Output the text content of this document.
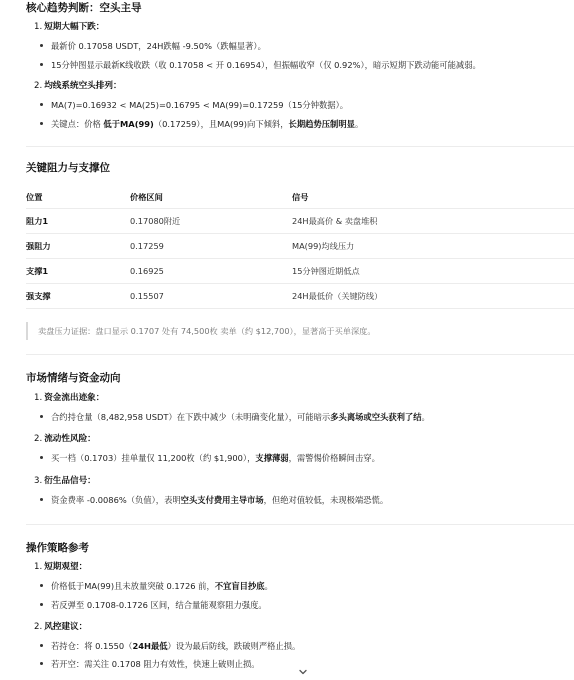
核心趋势判断：空头主导
1. 短期大幅下跌：
最新价 0.17058 USDT，24H跌幅 -9.50%（跌幅显著）。
15分钟图显示最新K线收跌（收 0.17058 < 开 0.16954），但振幅收窄（仅 0.92%），暗示短期下跌动能可能减弱。
2. 均线系统空头排列：
MA(7)=0.16932 < MA(25)=0.16795 < MA(99)=0.17259（15分钟数据）。
关键点：价格 低于MA(99)（0.17259），且MA(99)向下倾斜，长期趋势压制明显。
关键阻力与支撑位
位置	价格区间	信号
阻力1	0.17080附近	24H最高价 & 卖盘堆积
强阻力	0.17259	MA(99)均线压力
支撑1	0.16925	15分钟图近期低点
强支撑	0.15507	24H最低价（关键防线）
卖盘压力证据：盘口显示 0.1707 处有 74,500枚 卖单（约 $12,700），显著高于买单深度。
市场情绪与资金动向
1. 资金流出迹象：
合约持仓量（8,482,958 USDT）在下跌中减少（未明确变化量），可能暗示多头离场或空头获利了结。
2. 流动性风险：
买一档（0.1703）挂单量仅 11,200枚（约 $1,900），支撑薄弱，需警惕价格瞬间击穿。
3. 衍生品信号：
资金费率 -0.0086%（负值），表明空头支付费用主导市场，但绝对值较低，未现极端恐慌。
操作策略参考
1. 短期观望：
价格低于MA(99)且未放量突破 0.1726 前，不宜盲目抄底。
若反弹至 0.1708-0.1726 区间，结合量能观察阻力强度。
2. 风控建议：
若持仓：将 0.1550（24H最低）设为最后防线，跌破则严格止损。
若开空：需关注 0.1708 阻力有效性，快速上破则止损。
